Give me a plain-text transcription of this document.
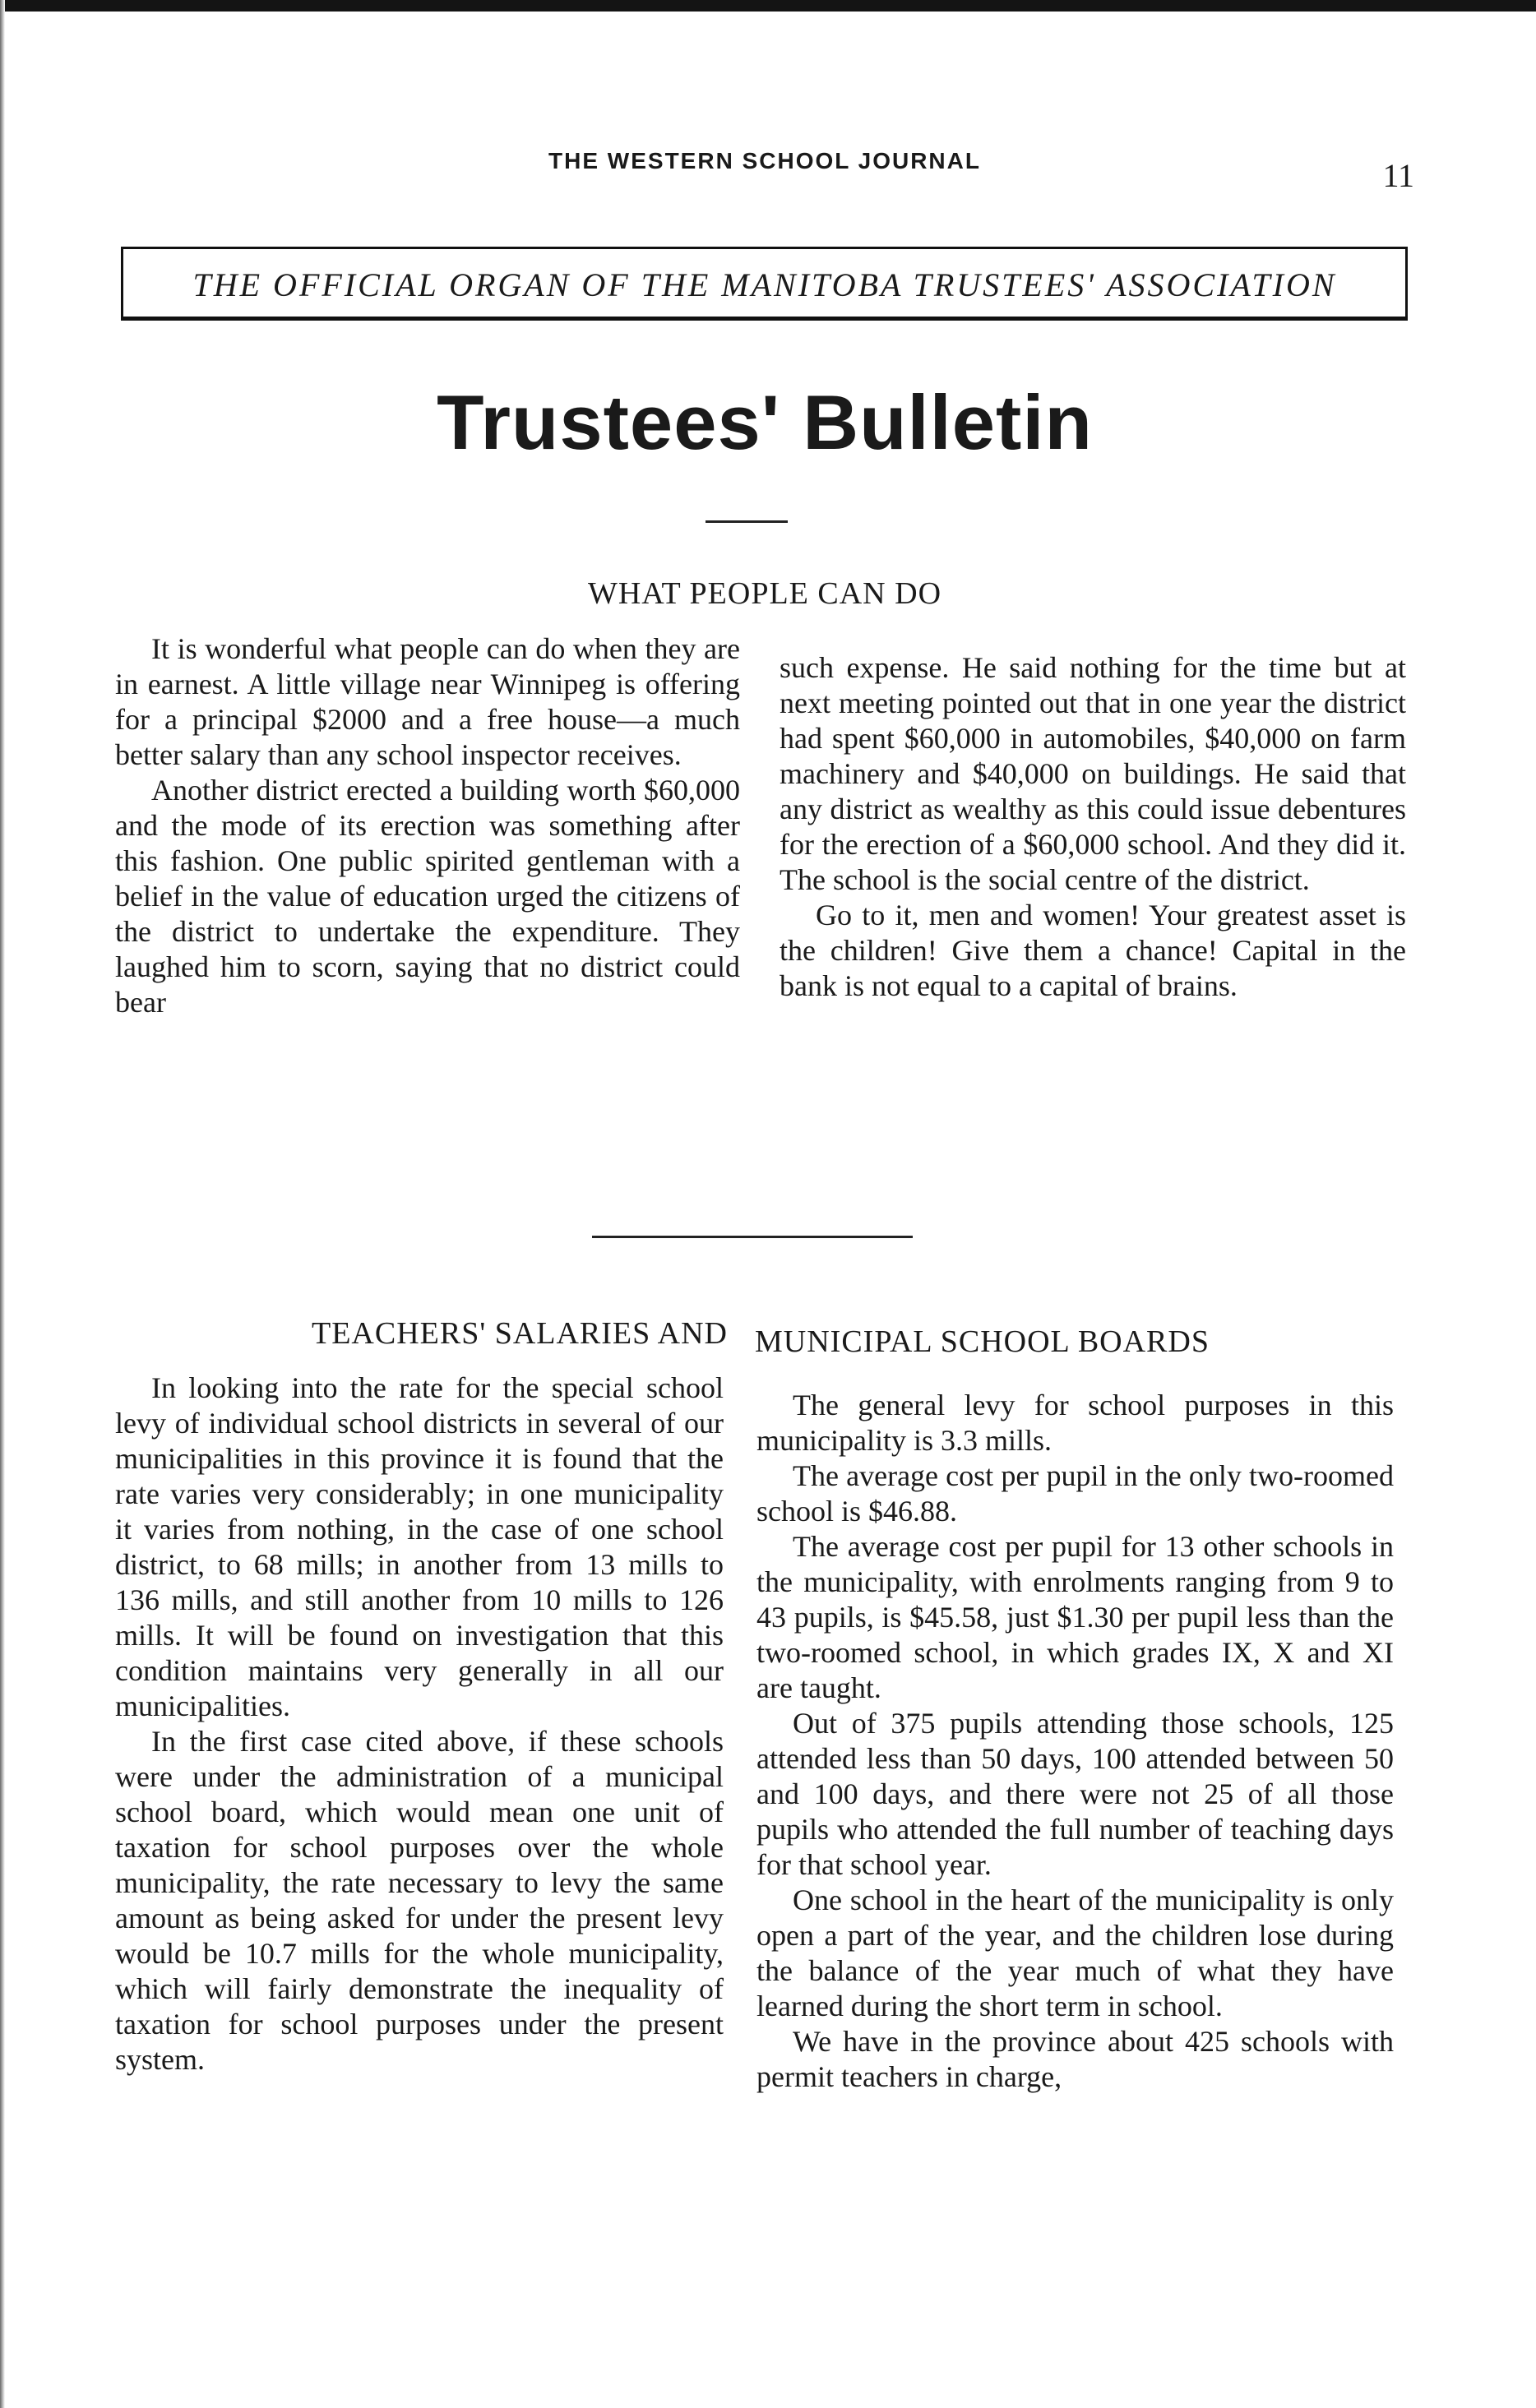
THE WESTERN SCHOOL JOURNAL	11
THE OFFICIAL ORGAN OF THE MANITOBA TRUSTEES' ASSOCIATION
Trustees' Bulletin
WHAT PEOPLE CAN DO

It is wonderful what people can do when they are in earnest. A little village near Winnipeg is offering for a principal $2000 and a free house—a much better salary than any school inspector receives.

Another district erected a building worth $60,000 and the mode of its erection was something after this fashion. One public spirited gentleman with a belief in the value of education urged the citizens of the district to undertake the expenditure. They laughed him to scorn, saying that no district could bear

such expense. He said nothing for the time but at next meeting pointed out that in one year the district had spent $60,000 in automobiles, $40,000 on farm machinery and $40,000 on buildings. He said that any district as wealthy as this could issue debentures for the erection of a $60,000 school. And they did it. The school is the social centre of the district.

Go to it, men and women! Your greatest asset is the children! Give them a chance! Capital in the bank is not equal to a capital of brains.

TEACHERS' SALARIES AND MUNICIPAL SCHOOL BOARDS

In looking into the rate for the special school levy of individual school districts in several of our municipalities in this province it is found that the rate varies very considerably; in one municipality it varies from nothing, in the case of one school district, to 68 mills; in another from 13 mills to 136 mills, and still another from 10 mills to 126 mills. It will be found on investigation that this condition maintains very generally in all our municipalities.

In the first case cited above, if these schools were under the administration of a municipal school board, which would mean one unit of taxation for school purposes over the whole municipality, the rate necessary to levy the same amount as being asked for under the present levy would be 10.7 mills for the whole municipality, which will fairly demonstrate the inequality of taxation for school purposes under the present system.

The general levy for school purposes in this municipality is 3.3 mills.

The average cost per pupil in the only two-roomed school is $46.88.

The average cost per pupil for 13 other schools in the municipality, with enrolments ranging from 9 to 43 pupils, is $45.58, just $1.30 per pupil less than the two-roomed school, in which grades IX, X and XI are taught.

Out of 375 pupils attending those schools, 125 attended less than 50 days, 100 attended between 50 and 100 days, and there were not 25 of all those pupils who attended the full number of teaching days for that school year.

One school in the heart of the municipality is only open a part of the year, and the children lose during the balance of the year much of what they have learned during the short term in school.

We have in the province about 425 schools with permit teachers in charge,
